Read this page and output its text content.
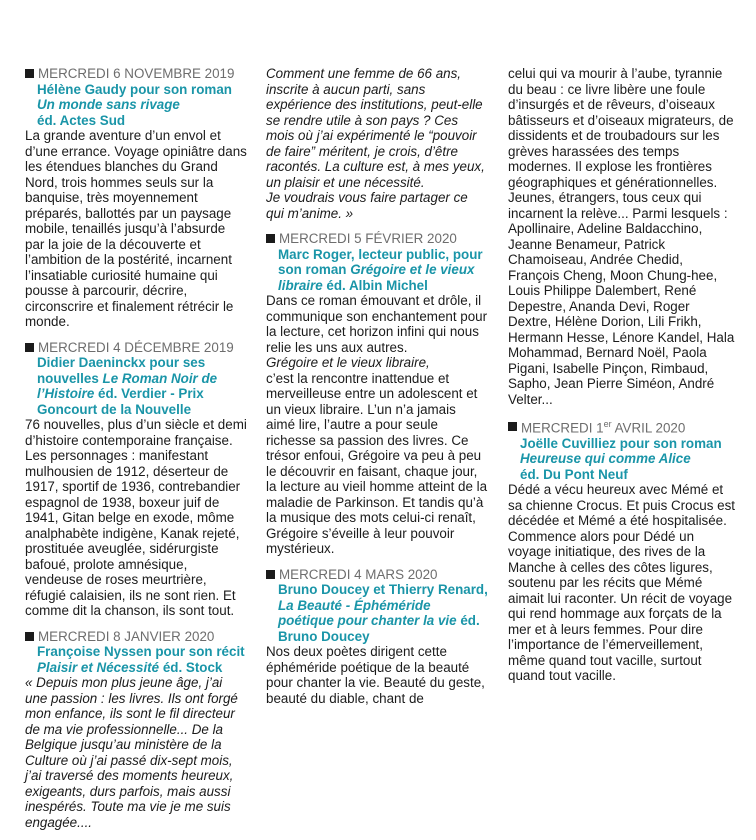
MERCREDI 6 NOVEMBRE 2019
Hélène Gaudy pour son roman
Un monde sans rivage
éd. Actes Sud

La grande aventure d’un envol et d’une errance. Voyage opiniâtre dans les étendues blanches du Grand Nord, trois hommes seuls sur la banquise, très moyennement préparés, ballottés par un paysage mobile, tenaillés jusqu’à l’absurde par la joie de la découverte et l’ambition de la postérité, incarnent l’insatiable curiosité humaine qui pousse à parcourir, décrire, circonscrire et finalement rétrécir le monde.

MERCREDI 4 DÉCEMBRE 2019
Didier Daeninckx pour ses nouvelles Le Roman Noir de l’Histoire éd. Verdier - Prix Goncourt de la Nouvelle

76 nouvelles, plus d’un siècle et demi d’histoire contemporaine française. Les personnages : manifestant mulhousien de 1912, déserteur de 1917, sportif de 1936, contrebandier espagnol de 1938, boxeur juif de 1941, Gitan belge en exode, môme analphabète indigène, Kanak rejeté, prostituée aveuglée, sidérurgiste bafoué, prolote amnésique, vendeuse de roses meurtrière, réfugié calaisien, ils ne sont rien. Et comme dit la chanson, ils sont tout.

MERCREDI 8 JANVIER 2020
Françoise Nyssen pour son récit
Plaisir et Nécessité éd. Stock

« Depuis mon plus jeune âge, j’ai une passion : les livres. Ils ont forgé mon enfance, ils sont le fil directeur de ma vie professionnelle... De la Belgique jusqu’au ministère de la Culture où j’ai passé dix-sept mois, j’ai traversé des moments heureux, exigeants, durs parfois, mais aussi inespérés. Toute ma vie je me suis engagée....

Comment une femme de 66 ans, inscrite à aucun parti, sans expérience des institutions, peut-elle se rendre utile à son pays ? Ces mois où j’ai expérimenté le “pouvoir de faire” méritent, je crois, d’être racontés. La culture est, à mes yeux, un plaisir et une nécessité.

Je voudrais vous faire partager ce qui m’anime. »

MERCREDI 5 FÉVRIER 2020
Marc Roger, lecteur public, pour son roman Grégoire et le vieux libraire éd. Albin Michel

Dans ce roman émouvant et drôle, il communique son enchantement pour la lecture, cet horizon infini qui nous relie les uns aux autres.

Grégoire et le vieux libraire,

c’est la rencontre inattendue et merveilleuse entre un adolescent et un vieux libraire. L’un n’a jamais aimé lire, l’autre a pour seule richesse sa passion des livres. Ce trésor enfoui, Grégoire va peu à peu le découvrir en faisant, chaque jour, la lecture au vieil homme atteint de la maladie de Parkinson. Et tandis qu’à la musique des mots celui-ci renaît, Grégoire s’éveille à leur pouvoir mystérieux.

MERCREDI 4 MARS 2020
Bruno Doucey et Thierry Renard, La Beauté - Éphéméride poétique pour chanter la vie éd. Bruno Doucey

Nos deux poètes dirigent cette éphéméride poétique de la beauté pour chanter la vie. Beauté du geste, beauté du diable, chant de

celui qui va mourir à l’aube, tyrannie du beau : ce livre libère une foule d’insurgés et de rêveurs, d’oiseaux bâtisseurs et d’oiseaux migrateurs, de dissidents et de troubadours sur les grèves harassées des temps modernes. Il explose les frontières géographiques et générationnelles. Jeunes, étrangers, tous ceux qui incarnent la relève... Parmi lesquels : Apollinaire, Adeline Baldacchino, Jeanne Benameur, Patrick Chamoiseau, Andrée Chedid, François Cheng, Moon Chung-hee, Louis Philippe Dalembert, René Depestre, Ananda Devi, Roger Dextre, Hélène Dorion, Lili Frikh, Hermann Hesse, Lénore Kandel, Hala Mohammad, Bernard Noël, Paola Pigani, Isabelle Pinçon, Rimbaud, Sapho, Jean Pierre Siméon, André Velter...

MERCREDI 1er AVRIL 2020
Joëlle Cuvilliez pour son roman
Heureuse qui comme Alice
éd. Du Pont Neuf

Dédé a vécu heureux avec Mémé et sa chienne Crocus. Et puis Crocus est décédée et Mémé a été hospitalisée.

Commence alors pour Dédé un voyage initiatique, des rives de la Manche à celles des côtes ligures, soutenu par les récits que Mémé aimait lui raconter. Un récit de voyage qui rend hommage aux forçats de la mer et à leurs femmes. Pour dire l’importance de l’émerveillement, même quand tout vacille, surtout quand tout vacille.
